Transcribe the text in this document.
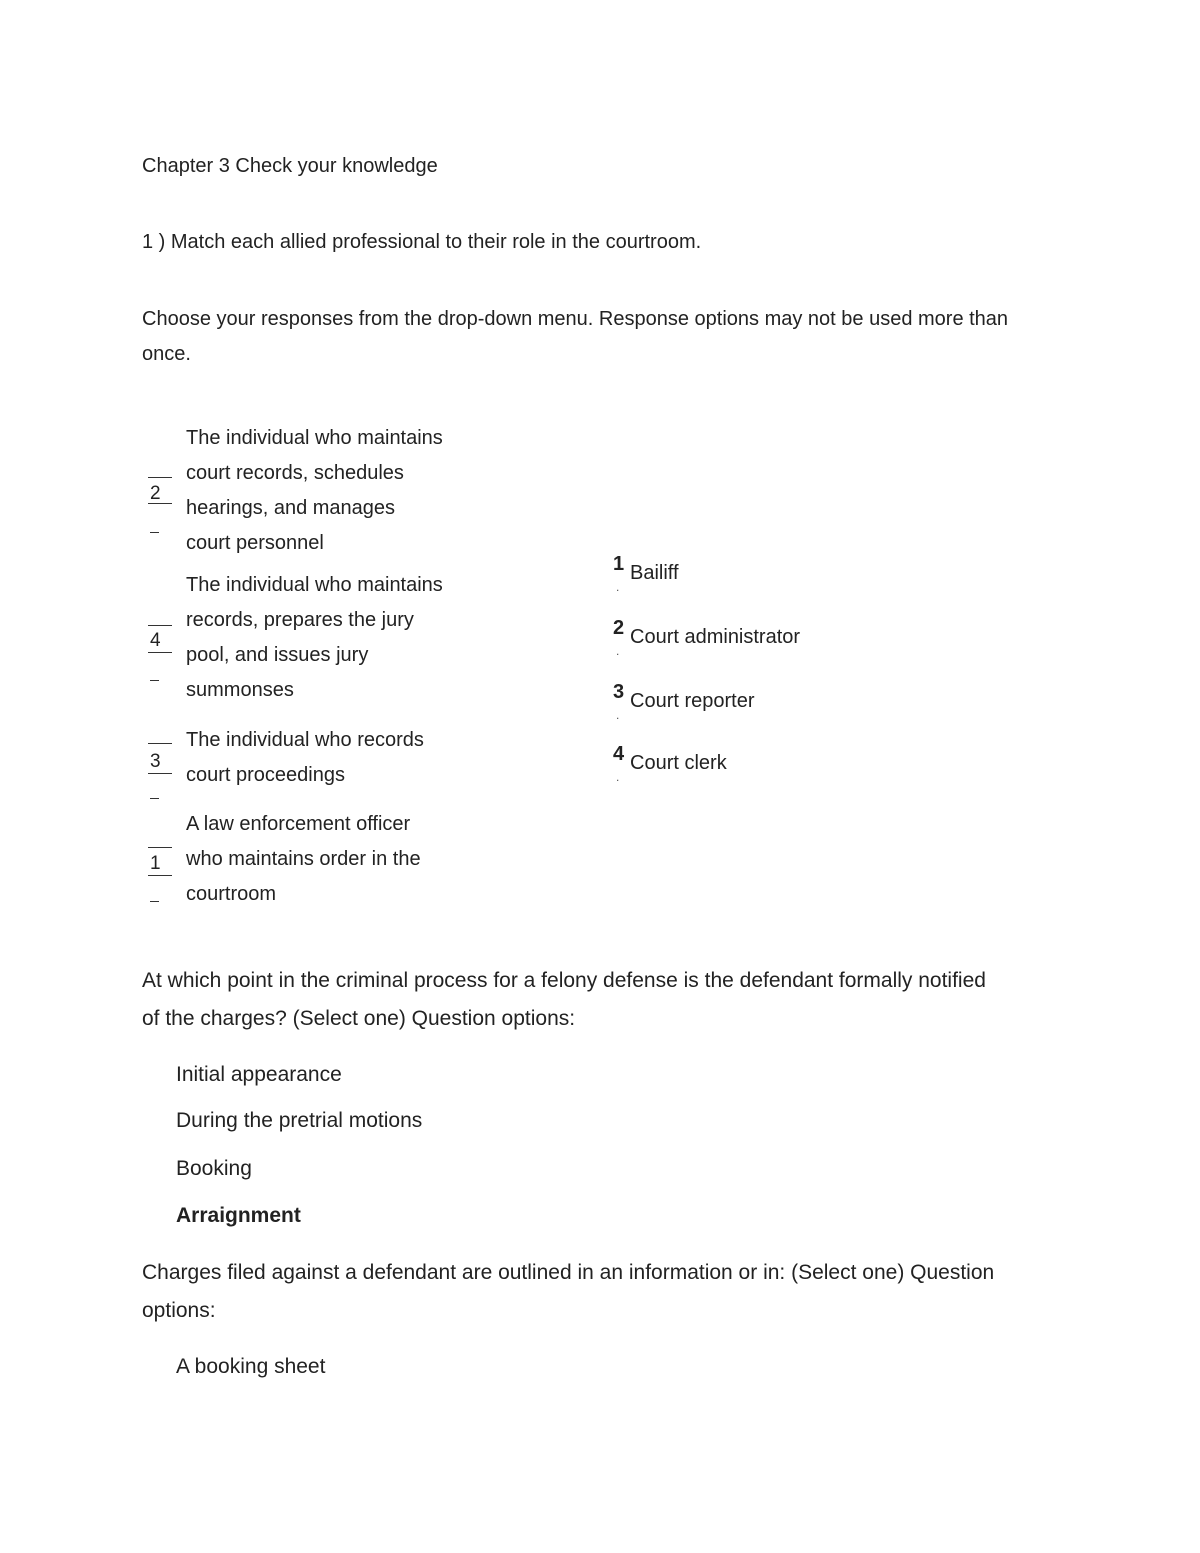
Chapter 3 Check your knowledge
1 ) Match each allied professional to their role in the courtroom.
Choose your responses from the drop-down menu. Response options may not be used more than
once.
2
The individual who maintains
court records, schedules
hearings, and manages
court personnel
4
The individual who maintains
records, prepares the jury
pool, and issues jury
summonses
3
The individual who records
court proceedings
1
A law enforcement officer
who maintains order in the
courtroom
1 Bailiff
.
2 Court administrator
.
3 Court reporter
.
4 Court clerk
.
At which point in the criminal process for a felony defense is the defendant formally notified
of the charges? (Select one) Question options:
Initial appearance
During the pretrial motions
Booking
Arraignment
Charges filed against a defendant are outlined in an information or in: (Select one) Question
options:
A booking sheet
